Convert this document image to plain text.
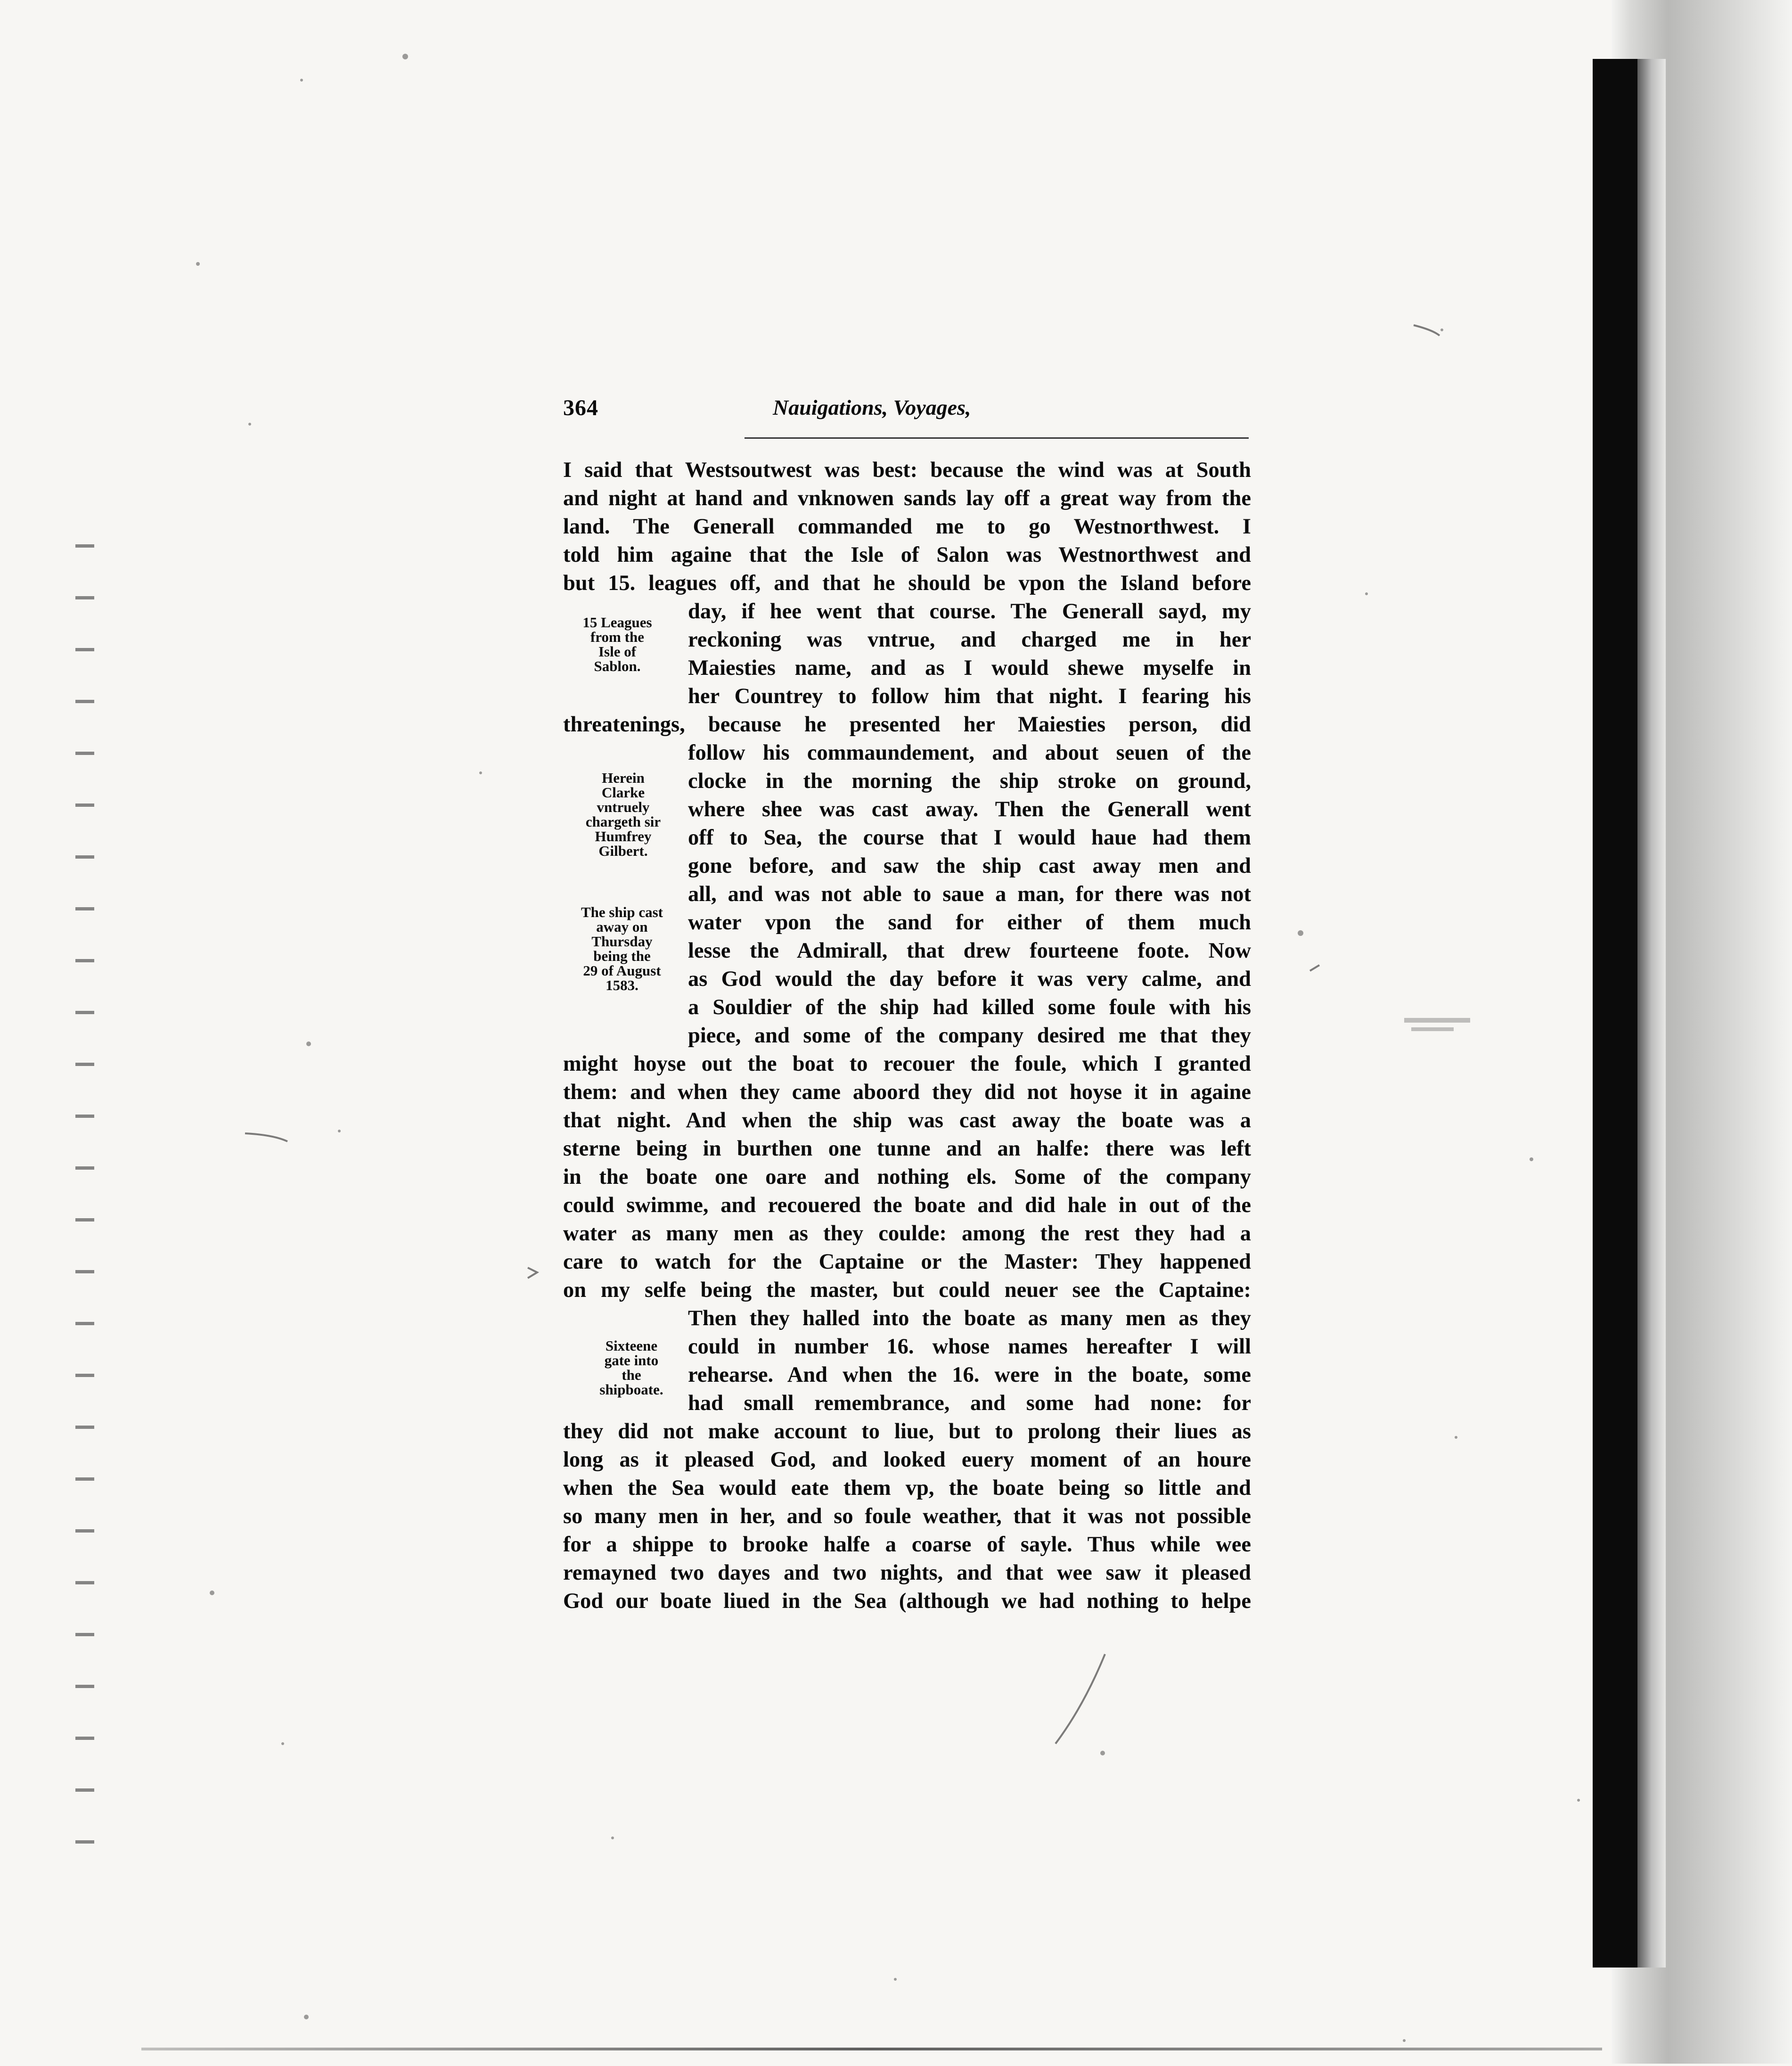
364	Nauigations, Voyages,
I said that Westsoutwest was best: because the wind was at South
and night at hand and vnknowen sands lay off a great way from the
land. The Generall commanded me to go Westnorthwest. I
told him againe that the Isle of Salon was Westnorthwest and
but 15. leagues off, and that he should be vpon the Island before
day, if hee went that course. The Generall sayd, my
reckoning was vntrue, and charged me in her
Maiesties name, and as I would shewe myselfe in
her Countrey to follow him that night. I fearing his
threatenings, because he presented her Maiesties person, did
follow his commaundement, and about seuen of the
clocke in the morning the ship stroke on ground,
where shee was cast away. Then the Generall went
off to Sea, the course that I would haue had them
gone before, and saw the ship cast away men and
all, and was not able to saue a man, for there was not
water vpon the sand for either of them much
lesse the Admirall, that drew fourteene foote. Now
as God would the day before it was very calme, and
a Souldier of the ship had killed some foule with his
piece, and some of the company desired me that they
might hoyse out the boat to recouer the foule, which I granted
them: and when they came aboord they did not hoyse it in againe
that night. And when the ship was cast away the boate was a
sterne being in burthen one tunne and an halfe: there was left
in the boate one oare and nothing els. Some of the company
could swimme, and recouered the boate and did hale in out of the
water as many men as they coulde: among the rest they had a
care to watch for the Captaine or the Master: They happened
on my selfe being the master, but could neuer see the Captaine:
Then they halled into the boate as many men as they
could in number 16. whose names hereafter I will
rehearse. And when the 16. were in the boate, some
had small remembrance, and some had none: for
they did not make account to liue, but to prolong their liues as
long as it pleased God, and looked euery moment of an houre
when the Sea would eate them vp, the boate being so little and
so many men in her, and so foule weather, that it was not possible
for a shippe to brooke halfe a coarse of sayle. Thus while wee
remayned two dayes and two nights, and that wee saw it pleased
God our boate liued in the Sea (although we had nothing to helpe
15 Leagues
from the
Isle of
Sablon.
Herein
Clarke
vntruely
chargeth sir
Humfrey
Gilbert.
The ship cast
away on
Thursday
being the
29 of August
1583.
Sixteene
gate into
the
shipboate.
